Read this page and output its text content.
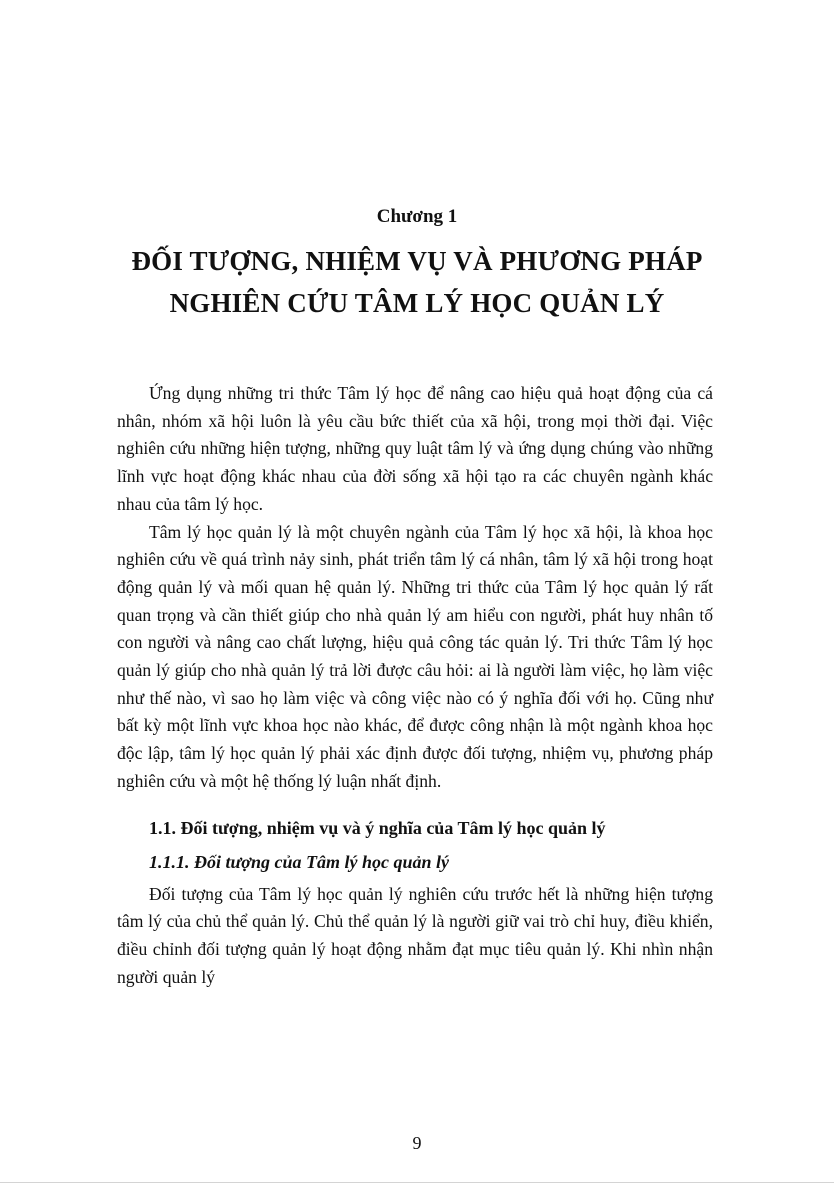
Chương 1
ĐỐI TƯỢNG, NHIỆM VỤ VÀ PHƯƠNG PHÁP
NGHIÊN CỨU TÂM LÝ HỌC QUẢN LÝ

Ứng dụng những tri thức Tâm lý học để nâng cao hiệu quả hoạt động của cá nhân, nhóm xã hội luôn là yêu cầu bức thiết của xã hội, trong mọi thời đại. Việc nghiên cứu những hiện tượng, những quy luật tâm lý và ứng dụng chúng vào những lĩnh vực hoạt động khác nhau của đời sống xã hội tạo ra các chuyên ngành khác nhau của tâm lý học.

Tâm lý học quản lý là một chuyên ngành của Tâm lý học xã hội, là khoa học nghiên cứu về quá trình nảy sinh, phát triển tâm lý cá nhân, tâm lý xã hội trong hoạt động quản lý và mối quan hệ quản lý. Những tri thức của Tâm lý học quản lý rất quan trọng và cần thiết giúp cho nhà quản lý am hiểu con người, phát huy nhân tố con người và nâng cao chất lượng, hiệu quả công tác quản lý. Tri thức Tâm lý học quản lý giúp cho nhà quản lý trả lời được câu hỏi: ai là người làm việc, họ làm việc như thế nào, vì sao họ làm việc và công việc nào có ý nghĩa đối với họ. Cũng như bất kỳ một lĩnh vực khoa học nào khác, để được công nhận là một ngành khoa học độc lập, tâm lý học quản lý phải xác định được đối tượng, nhiệm vụ, phương pháp nghiên cứu và một hệ thống lý luận nhất định.

1.1. Đối tượng, nhiệm vụ và ý nghĩa của Tâm lý học quản lý
1.1.1. Đối tượng của Tâm lý học quản lý

Đối tượng của Tâm lý học quản lý nghiên cứu trước hết là những hiện tượng tâm lý của chủ thể quản lý. Chủ thể quản lý là người giữ vai trò chỉ huy, điều khiển, điều chỉnh đối tượng quản lý hoạt động nhằm đạt mục tiêu quản lý. Khi nhìn nhận người quản lý

9
